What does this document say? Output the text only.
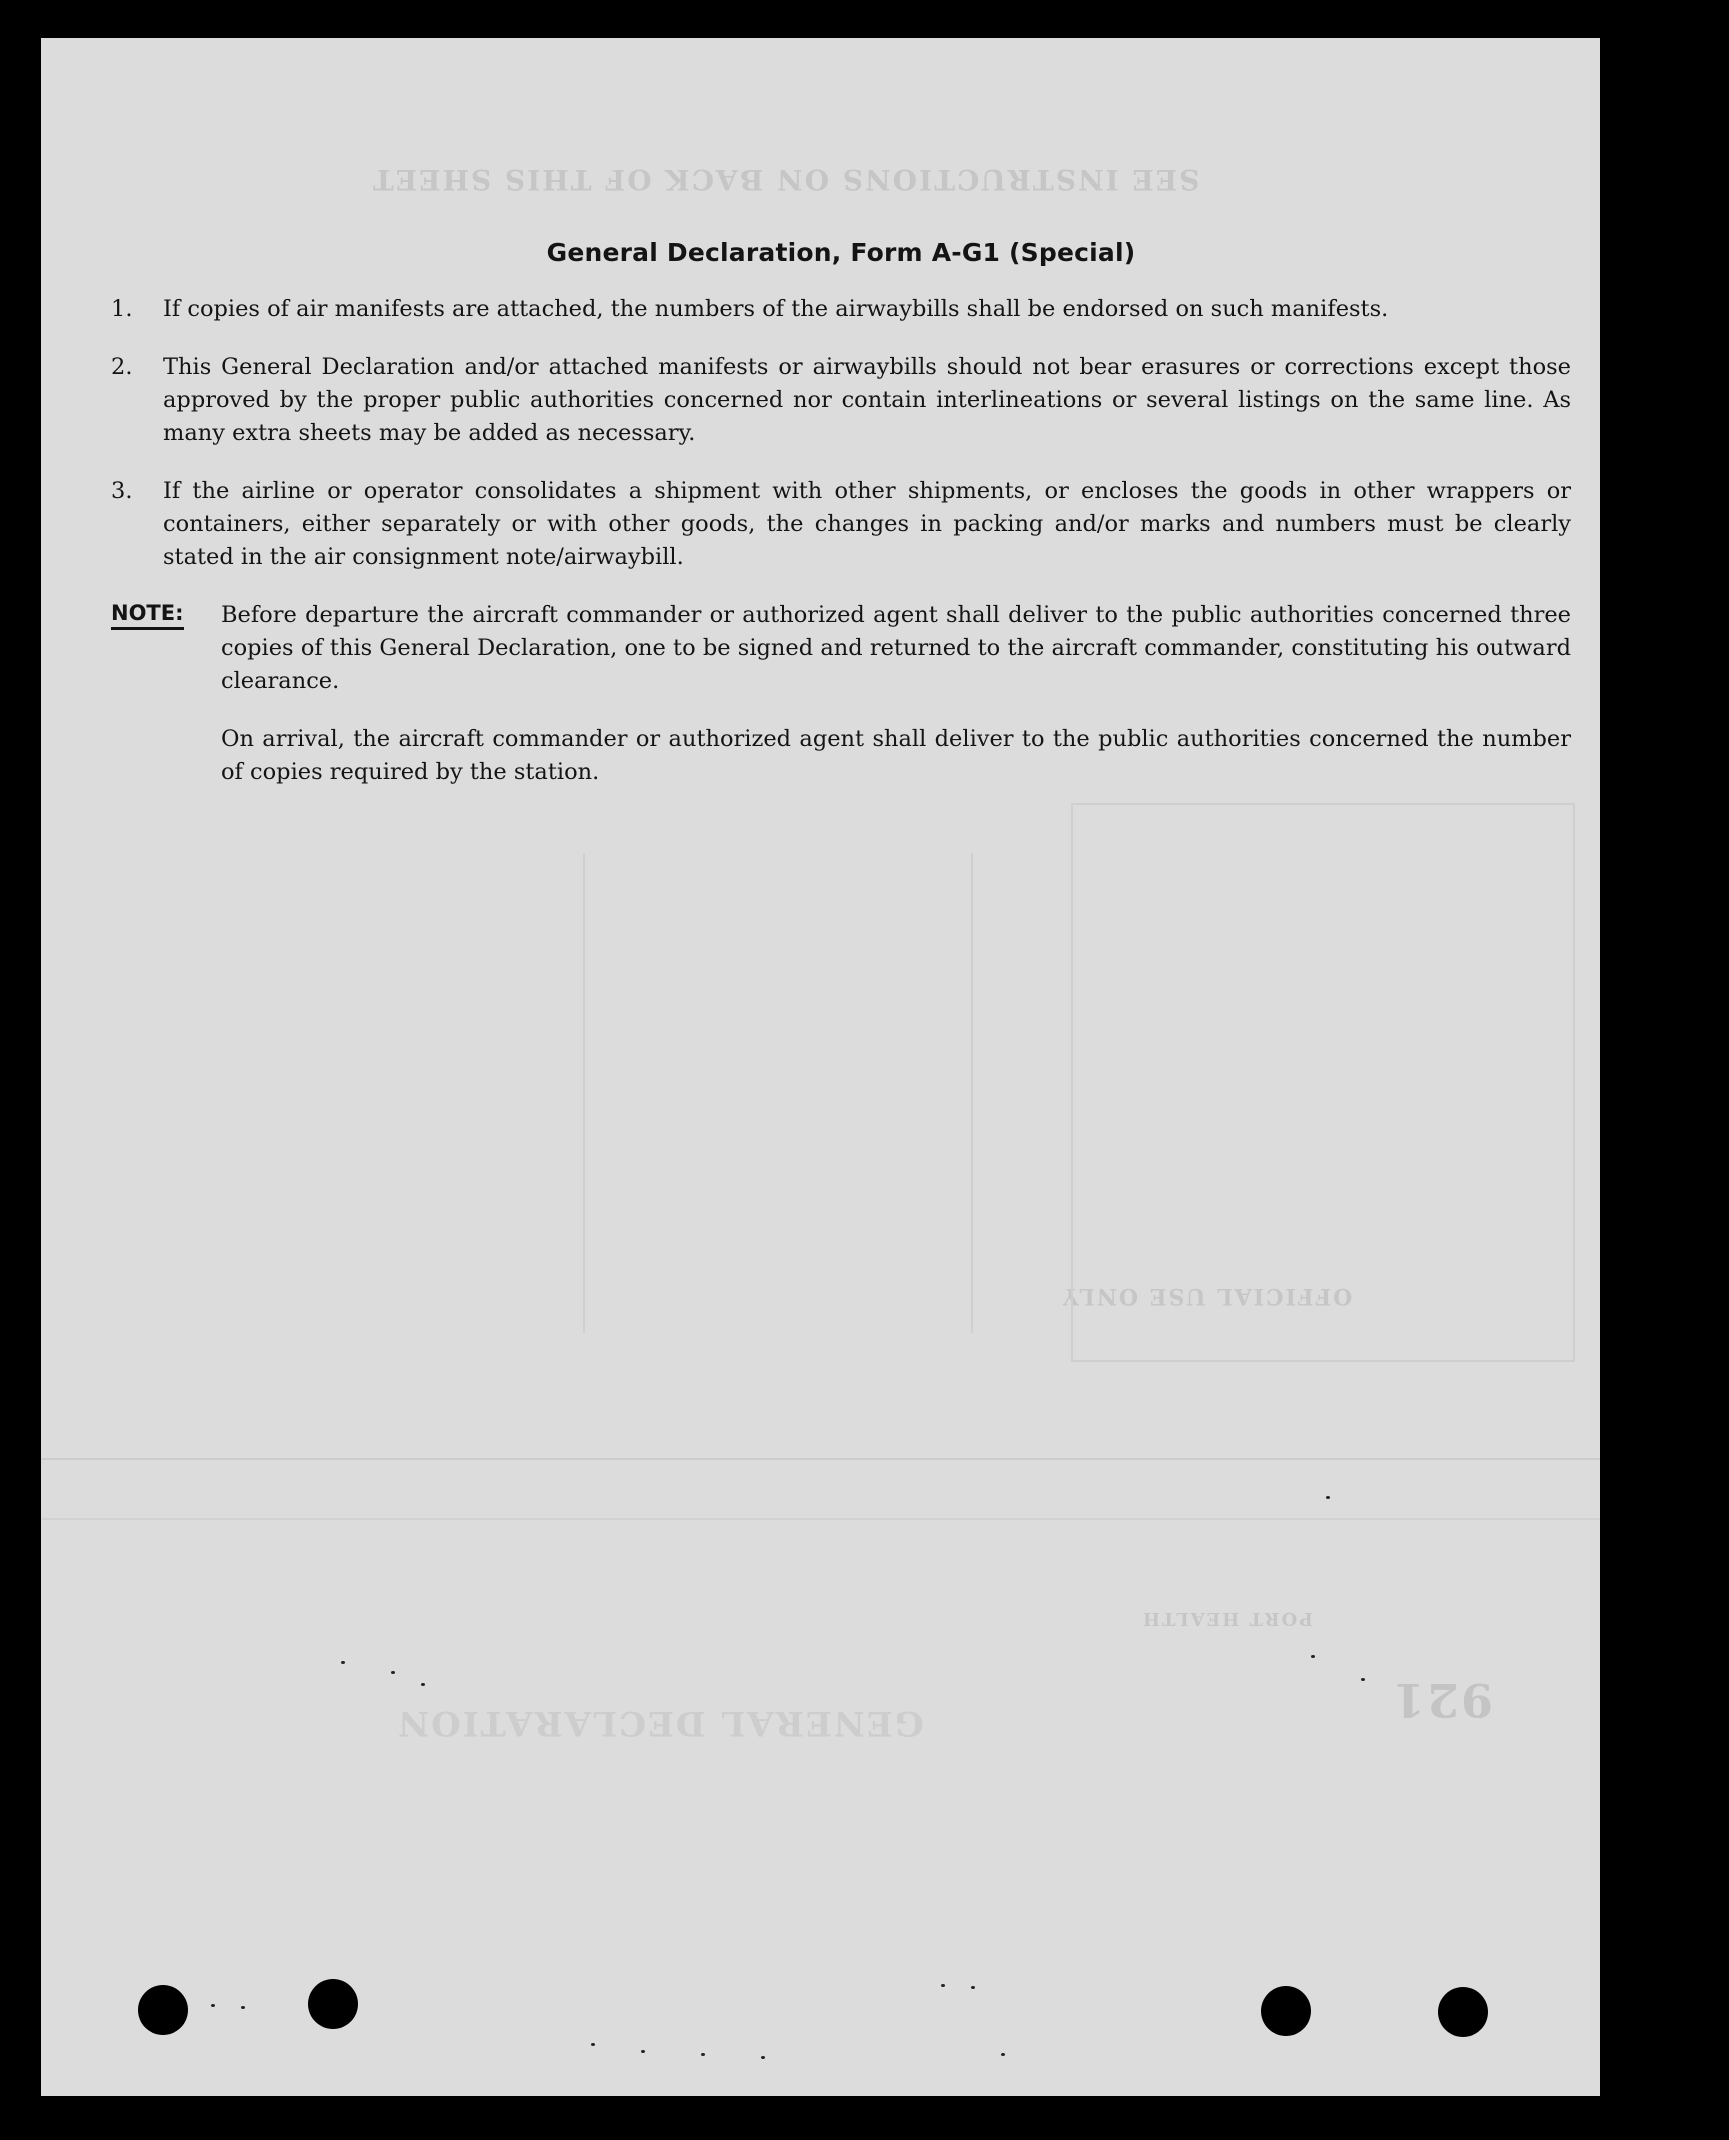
SEE INSTRUCTIONS ON BACK OF THIS SHEET
OFFICIAL USE ONLY
GENERAL DECLARATION	921
PORT HEALTH
General Declaration, Form A-G1 (Special)
1. If copies of air manifests are attached, the numbers of the airwaybills shall be endorsed on such manifests.
2. This General Declaration and/or attached manifests or airwaybills should not bear erasures or corrections except those approved by the proper public authorities concerned nor contain interlineations or several listings on the same line. As many extra sheets may be added as necessary.
3. If the airline or operator consolidates a shipment with other shipments, or encloses the goods in other wrappers or containers, either separately or with other goods, the changes in packing and/or marks and numbers must be clearly stated in the air consignment note/airwaybill.
NOTE: Before departure the aircraft commander or authorized agent shall deliver to the public authorities concerned three copies of this General Declaration, one to be signed and returned to the aircraft commander, constituting his outward clearance.

On arrival, the aircraft commander or authorized agent shall deliver to the public authorities concerned the number of copies required by the station.
